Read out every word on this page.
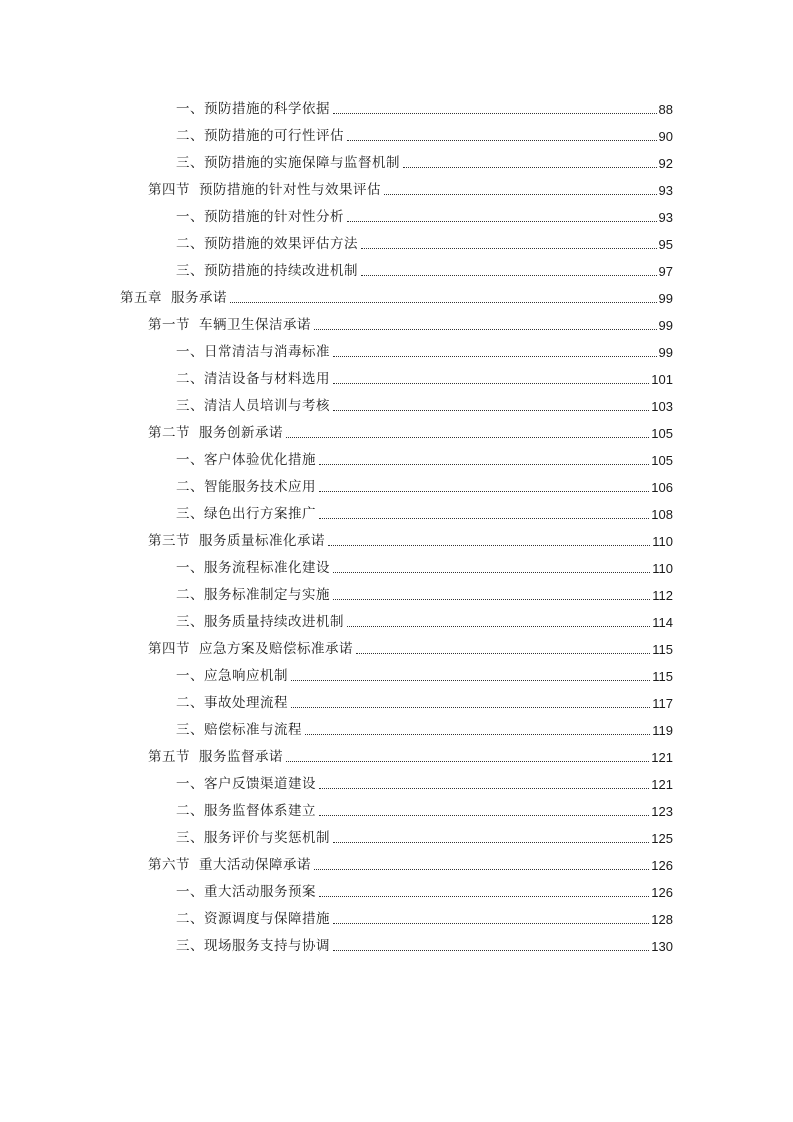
一、预防措施的科学依据	88
二、预防措施的可行性评估	90
三、预防措施的实施保障与监督机制	92
第四节 预防措施的针对性与效果评估	93
一、预防措施的针对性分析	93
二、预防措施的效果评估方法	95
三、预防措施的持续改进机制	97
第五章 服务承诺	99
第一节 车辆卫生保洁承诺	99
一、日常清洁与消毒标准	99
二、清洁设备与材料选用	101
三、清洁人员培训与考核	103
第二节 服务创新承诺	105
一、客户体验优化措施	105
二、智能服务技术应用	106
三、绿色出行方案推广	108
第三节 服务质量标准化承诺	110
一、服务流程标准化建设	110
二、服务标准制定与实施	112
三、服务质量持续改进机制	114
第四节 应急方案及赔偿标准承诺	115
一、应急响应机制	115
二、事故处理流程	117
三、赔偿标准与流程	119
第五节 服务监督承诺	121
一、客户反馈渠道建设	121
二、服务监督体系建立	123
三、服务评价与奖惩机制	125
第六节 重大活动保障承诺	126
一、重大活动服务预案	126
二、资源调度与保障措施	128
三、现场服务支持与协调	130
